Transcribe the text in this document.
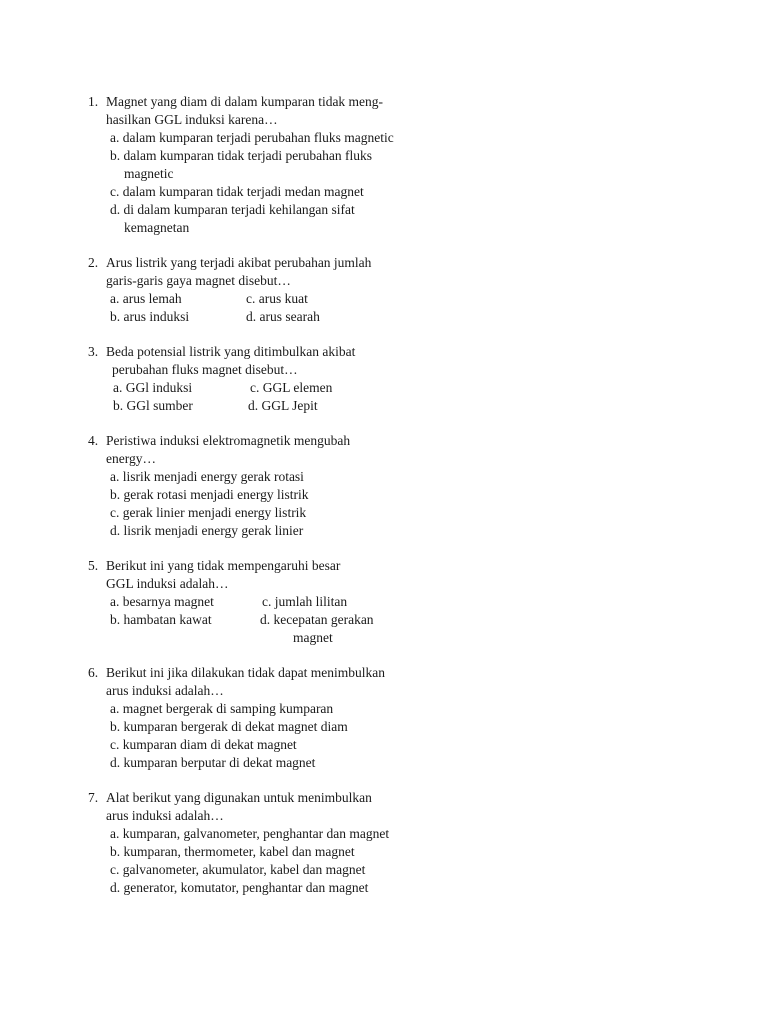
1. Magnet yang diam di dalam kumparan tidak meng-
hasilkan GGL induksi karena…
a. dalam kumparan terjadi perubahan fluks magnetic
b. dalam kumparan tidak terjadi perubahan fluks
magnetic
c. dalam kumparan tidak terjadi medan magnet
d. di dalam kumparan terjadi kehilangan sifat
kemagnetan
2. Arus listrik yang terjadi akibat perubahan jumlah
garis-garis gaya magnet disebut…
a. arus lemah	c. arus kuat
b. arus induksi	d. arus searah
3. Beda potensial listrik yang ditimbulkan akibat
perubahan fluks magnet disebut…
a. GGl induksi	c. GGL elemen
b. GGl sumber	d. GGL Jepit
4. Peristiwa induksi elektromagnetik mengubah
energy…
a. lisrik menjadi energy gerak rotasi
b. gerak rotasi menjadi energy listrik
c. gerak linier menjadi energy listrik
d. lisrik menjadi energy gerak linier
5. Berikut ini yang tidak mempengaruhi besar
GGL induksi adalah…
a. besarnya magnet	c. jumlah lilitan
b. hambatan kawat	d. kecepatan gerakan
magnet
6. Berikut ini jika dilakukan tidak dapat menimbulkan
arus induksi adalah…
a. magnet bergerak di samping kumparan
b. kumparan bergerak di dekat magnet diam
c. kumparan diam di dekat magnet
d. kumparan berputar di dekat magnet
7. Alat berikut yang digunakan untuk menimbulkan
arus induksi adalah…
a. kumparan, galvanometer, penghantar dan magnet
b. kumparan, thermometer, kabel dan magnet
c. galvanometer, akumulator, kabel dan magnet
d. generator, komutator, penghantar dan magnet
